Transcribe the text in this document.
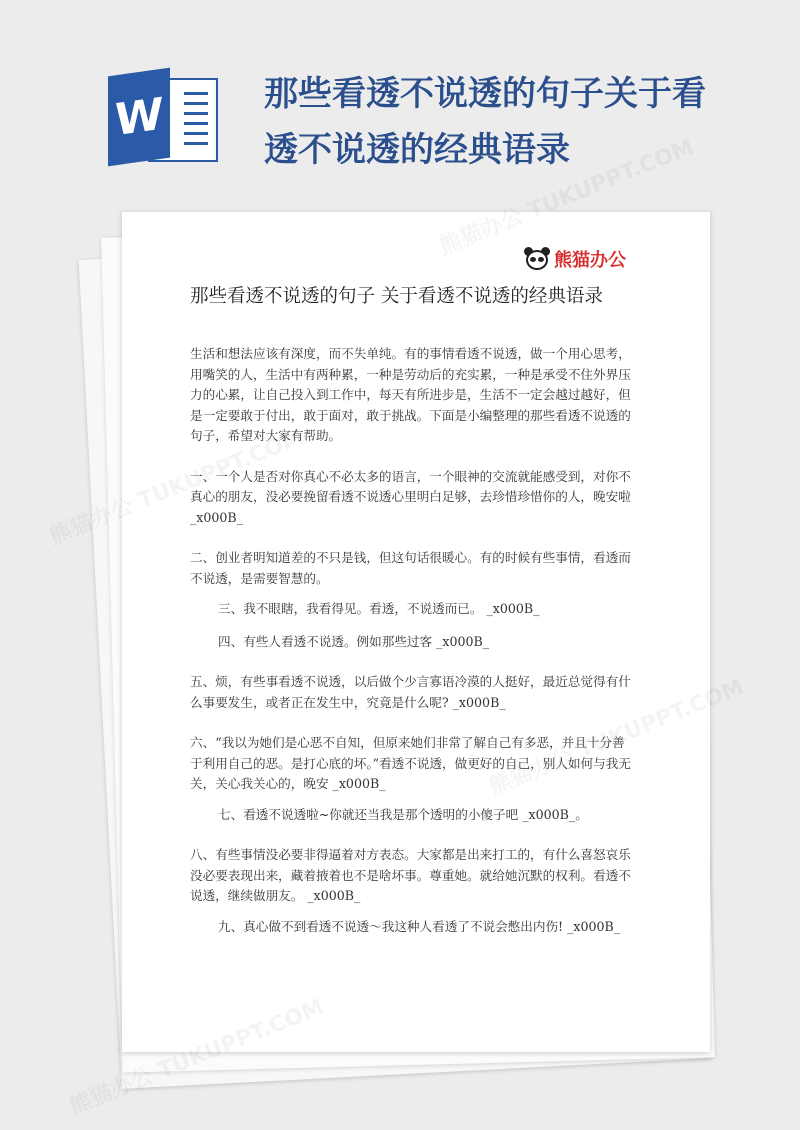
W	那些看透不说透的句子关于看透不说透的经典语录
熊猫办公
那些看透不说透的句子 关于看透不说透的经典语录

生活和想法应该有深度，而不失单纯。有的事情看透不说透，做一个用心思考，用嘴笑的人，生活中有两种累，一种是劳动后的充实累，一种是承受不住外界压力的心累，让自己投入到工作中，每天有所进步是，生活不一定会越过越好，但是一定要敢于付出，敢于面对，敢于挑战。下面是小编整理的那些看透不说透的句子，希望对大家有帮助。

一、一个人是否对你真心不必太多的语言，一个眼神的交流就能感受到，对你不真心的朋友，没必要挽留看透不说透心里明白足够，去珍惜珍惜你的人，晚安啦 _x000B_

二、创业者明知道差的不只是钱，但这句话很暖心。有的时候有些事情，看透而不说透，是需要智慧的。

三、我不眼瞎，我看得见。看透，不说透而已。 _x000B_

四、有些人看透不说透。例如那些过客 _x000B_

五、烦，有些事看透不说透，以后做个少言寡语冷漠的人挺好，最近总觉得有什么事要发生，或者正在发生中，究竟是什么呢? _x000B_

六、“我以为她们是心恶不自知，但原来她们非常了解自己有多恶，并且十分善于利用自己的恶。是打心底的坏。”看透不说透，做更好的自己，别人如何与我无关，关心我关心的，晚安 _x000B_

七、看透不说透啦~你就还当我是那个透明的小傻子吧 _x000B_。

八、有些事情没必要非得逼着对方表态。大家都是出来打工的，有什么喜怒哀乐没必要表现出来，藏着掖着也不是啥坏事。尊重她。就给她沉默的权利。看透不说透，继续做朋友。 _x000B_

九、真心做不到看透不说透～我这种人看透了不说会憋出内伤! _x000B_
